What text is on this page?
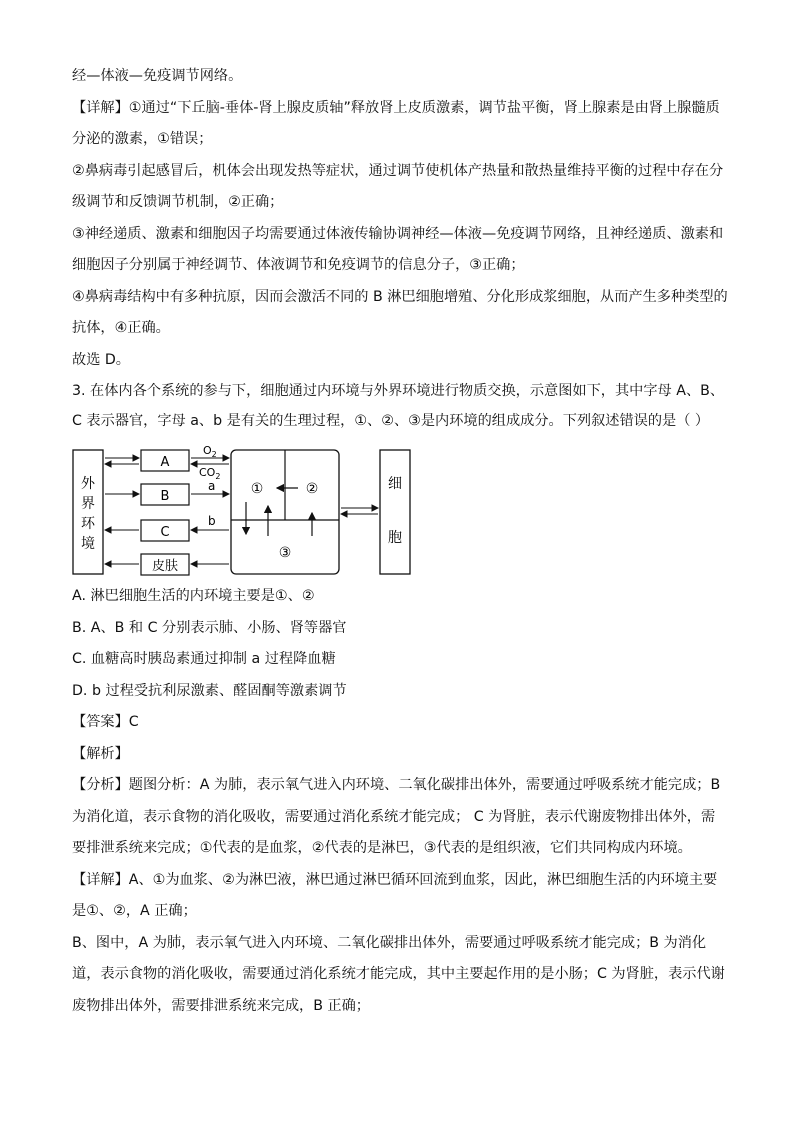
经—体液—免疫调节网络。
【详解】①通过“下丘脑-垂体-肾上腺皮质轴”释放肾上皮质激素，调节盐平衡，肾上腺素是由肾上腺髓质
分泌的激素，①错误；
②鼻病毒引起感冒后，机体会出现发热等症状，通过调节使机体产热量和散热量维持平衡的过程中存在分
级调节和反馈调节机制，②正确；
③神经递质、激素和细胞因子均需要通过体液传输协调神经—体液—免疫调节网络，且神经递质、激素和
细胞因子分别属于神经调节、体液调节和免疫调节的信息分子，③正确；
④鼻病毒结构中有多种抗原，因而会激活不同的 B 淋巴细胞增殖、分化形成浆细胞，从而产生多种类型的
抗体，④正确。
故选 D。
3. 在体内各个系统的参与下，细胞通过内环境与外界环境进行物质交换，示意图如下，其中字母 A、B、
C 表示器官，字母 a、b 是有关的生理过程，①、②、③是内环境的组成成分。下列叙述错误的是（ ）
外
界
环
境
A
B
C
皮肤
①	②
③
细
胞
$O_2$
$CO_2$
a
b
A. 淋巴细胞生活的内环境主要是①、②
B. A、B 和 C 分别表示肺、小肠、肾等器官
C. 血糖高时胰岛素通过抑制 a 过程降血糖
D. b 过程受抗利尿激素、醛固酮等激素调节
【答案】C
【解析】
【分析】题图分析：A 为肺，表示氧气进入内环境、二氧化碳排出体外，需要通过呼吸系统才能完成；B
为消化道，表示食物的消化吸收，需要通过消化系统才能完成； C 为肾脏，表示代谢废物排出体外，需
要排泄系统来完成；①代表的是血浆，②代表的是淋巴，③代表的是组织液，它们共同构成内环境。
【详解】A、①为血浆、②为淋巴液，淋巴通过淋巴循环回流到血浆，因此，淋巴细胞生活的内环境主要
是①、②，A 正确；
B、图中，A 为肺，表示氧气进入内环境、二氧化碳排出体外，需要通过呼吸系统才能完成；B 为消化
道，表示食物的消化吸收，需要通过消化系统才能完成，其中主要起作用的是小肠；C 为肾脏，表示代谢
废物排出体外，需要排泄系统来完成，B 正确；
